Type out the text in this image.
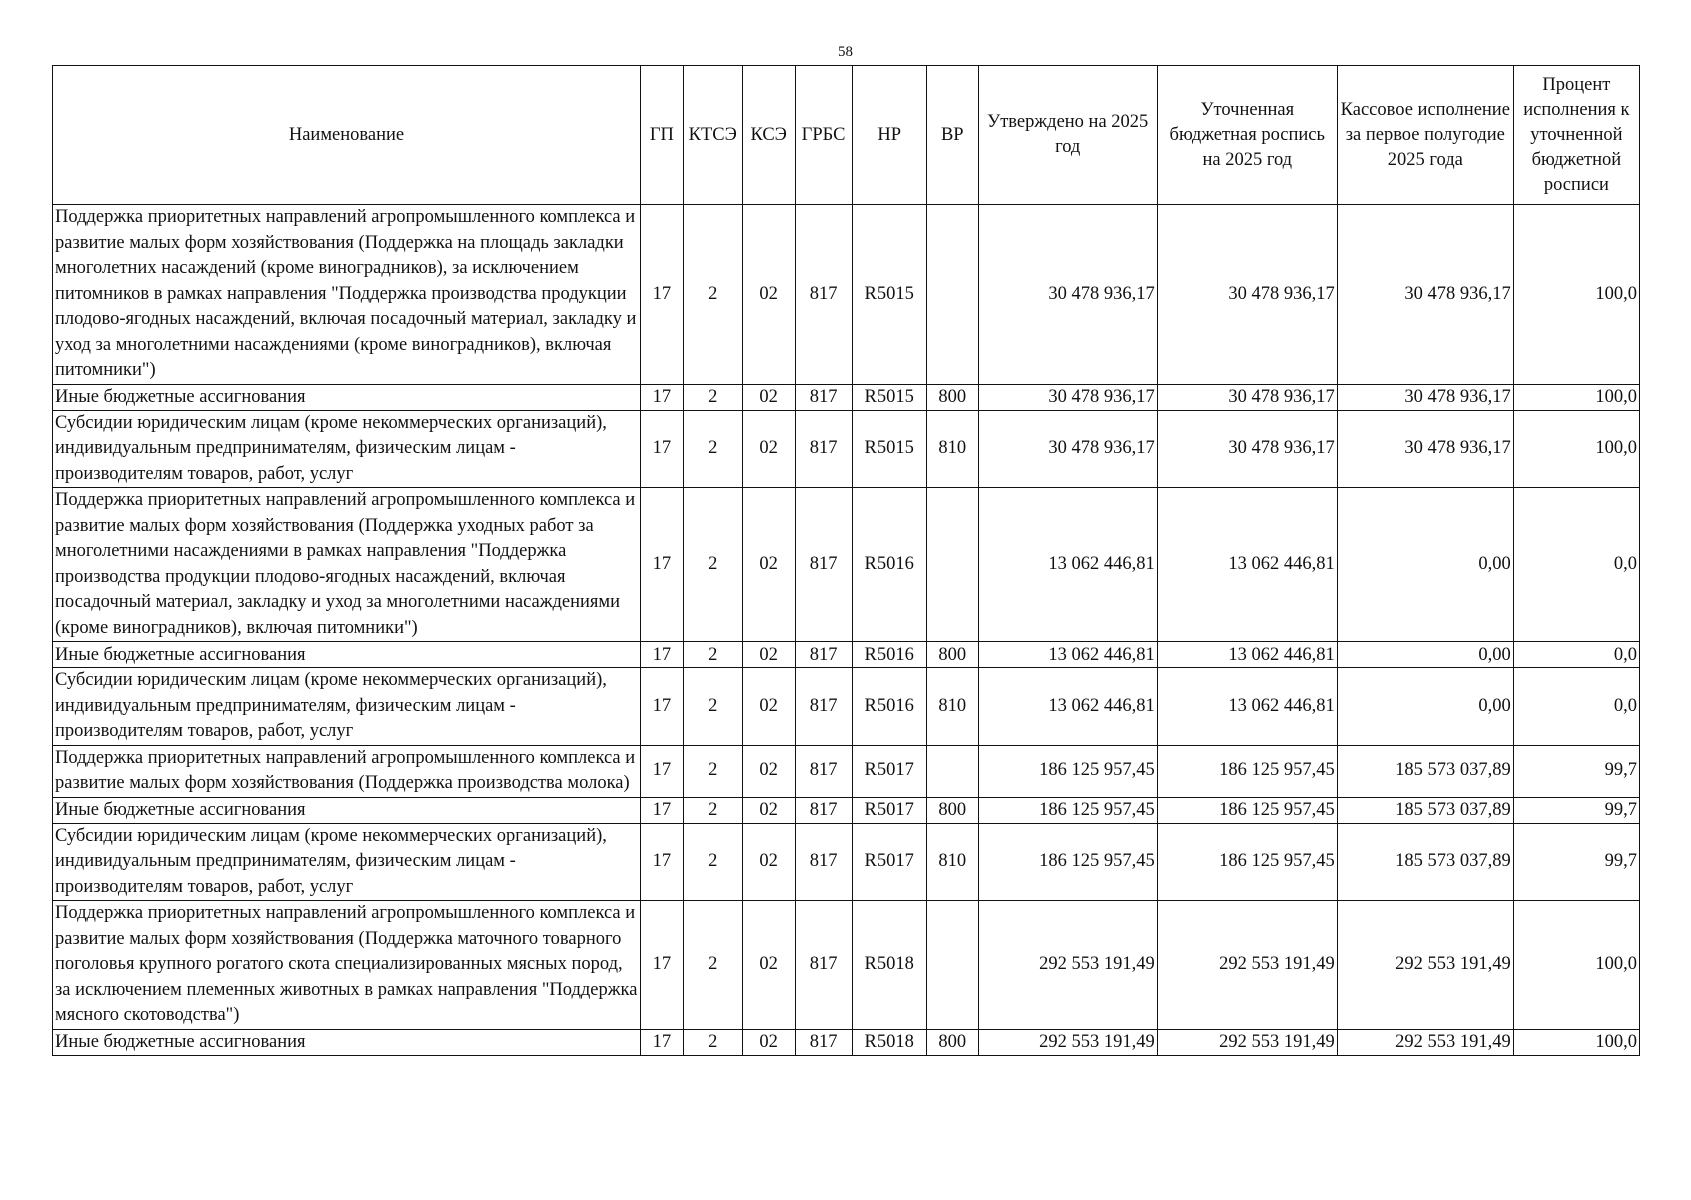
58
Наименование	ГП	КТСЭ	КСЭ	ГРБС	НР	ВР	Утверждено на 2025 год	Уточненная бюджетная роспись на 2025 год	Кассовое исполнение за первое полугодие 2025 года	Процент исполнения к уточненной бюджетной росписи
Поддержка приоритетных направлений агропромышленного комплекса и развитие малых форм хозяйствования (Поддержка на площадь закладки многолетних насаждений (кроме виноградников), за исключением питомников в рамках направления "Поддержка производства продукции плодово-ягодных насаждений, включая посадочный материал, закладку и уход за многолетними насаждениями (кроме виноградников), включая питомники")	17	2	02	817	R5015		30 478 936,17	30 478 936,17	30 478 936,17	100,0
Иные бюджетные ассигнования	17	2	02	817	R5015	800	30 478 936,17	30 478 936,17	30 478 936,17	100,0
Субсидии юридическим лицам (кроме некоммерческих организаций), индивидуальным предпринимателям, физическим лицам - производителям товаров, работ, услуг	17	2	02	817	R5015	810	30 478 936,17	30 478 936,17	30 478 936,17	100,0
Поддержка приоритетных направлений агропромышленного комплекса и развитие малых форм хозяйствования (Поддержка уходных работ за многолетними насаждениями в рамках направления "Поддержка производства продукции плодово-ягодных насаждений, включая посадочный материал, закладку и уход за многолетними насаждениями (кроме виноградников), включая питомники")	17	2	02	817	R5016		13 062 446,81	13 062 446,81	0,00	0,0
Иные бюджетные ассигнования	17	2	02	817	R5016	800	13 062 446,81	13 062 446,81	0,00	0,0
Субсидии юридическим лицам (кроме некоммерческих организаций), индивидуальным предпринимателям, физическим лицам - производителям товаров, работ, услуг	17	2	02	817	R5016	810	13 062 446,81	13 062 446,81	0,00	0,0
Поддержка приоритетных направлений агропромышленного комплекса и развитие малых форм хозяйствования (Поддержка производства молока)	17	2	02	817	R5017		186 125 957,45	186 125 957,45	185 573 037,89	99,7
Иные бюджетные ассигнования	17	2	02	817	R5017	800	186 125 957,45	186 125 957,45	185 573 037,89	99,7
Субсидии юридическим лицам (кроме некоммерческих организаций), индивидуальным предпринимателям, физическим лицам - производителям товаров, работ, услуг	17	2	02	817	R5017	810	186 125 957,45	186 125 957,45	185 573 037,89	99,7
Поддержка приоритетных направлений агропромышленного комплекса и развитие малых форм хозяйствования (Поддержка маточного товарного поголовья крупного рогатого скота специализированных мясных пород, за исключением племенных животных в рамках направления "Поддержка мясного скотоводства")	17	2	02	817	R5018		292 553 191,49	292 553 191,49	292 553 191,49	100,0
Иные бюджетные ассигнования	17	2	02	817	R5018	800	292 553 191,49	292 553 191,49	292 553 191,49	100,0
